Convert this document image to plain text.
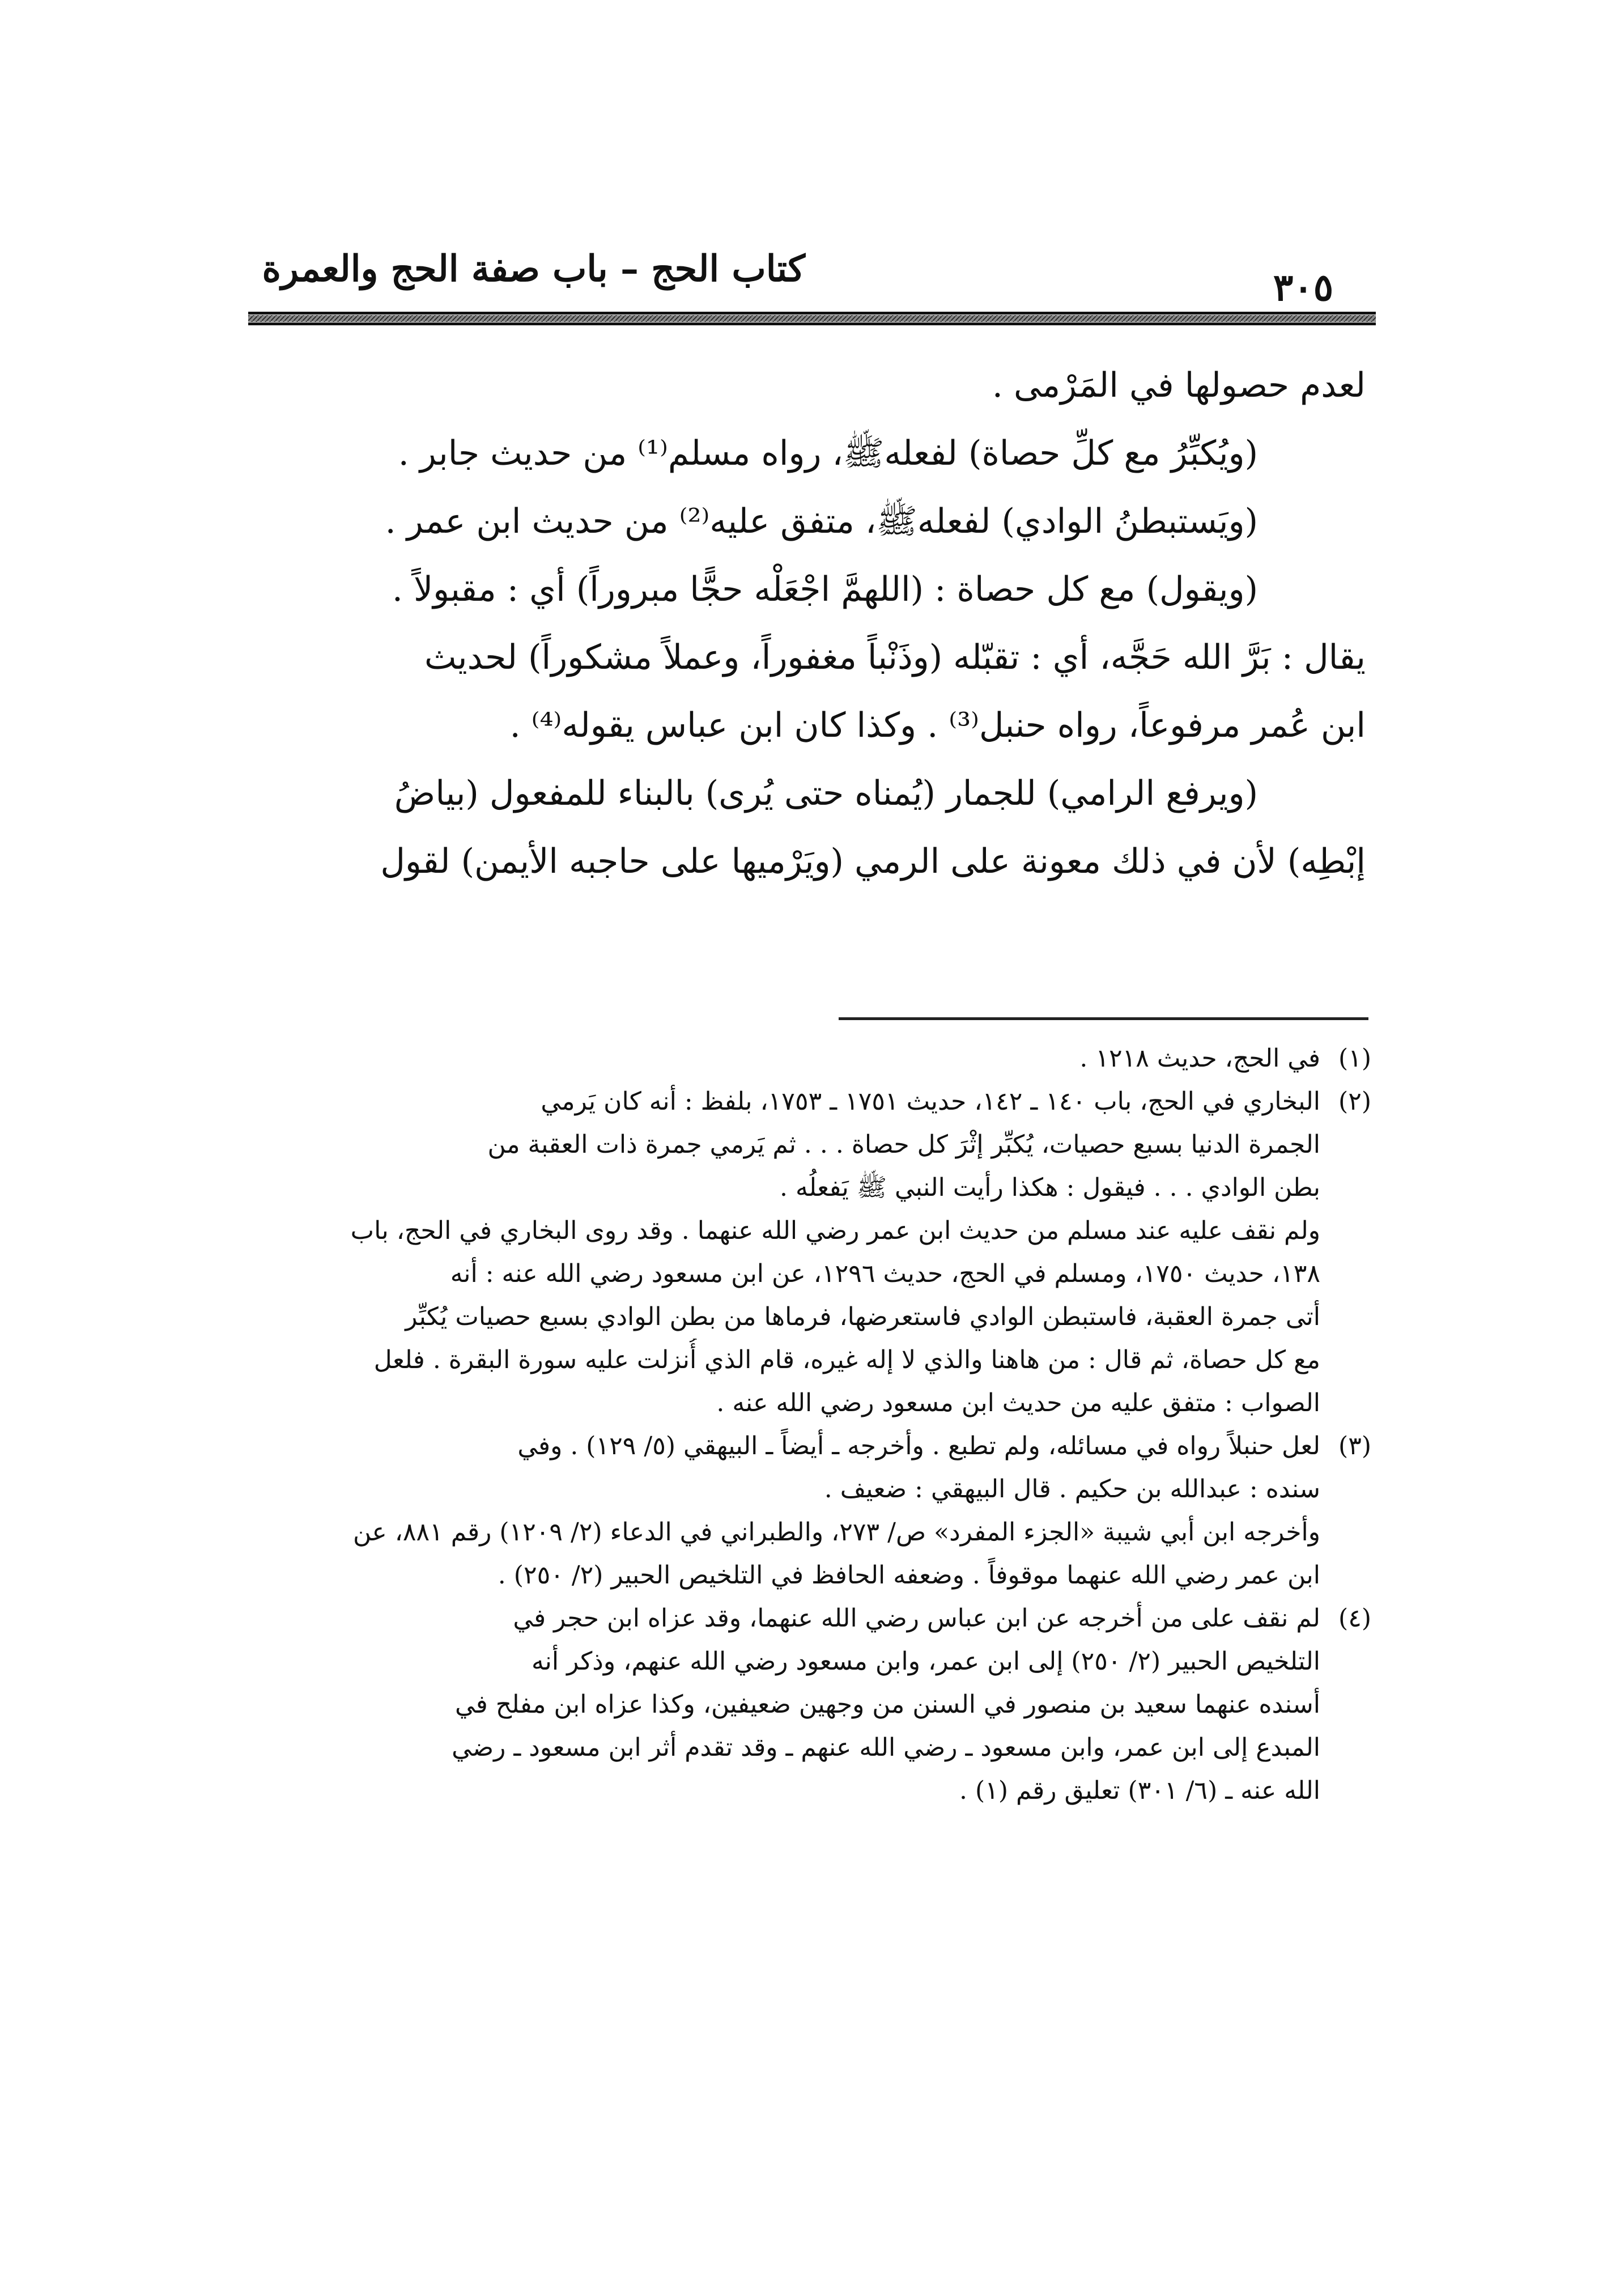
كتاب الحج – باب صفة الحج والعمرة	٣٠٥
لعدم حصولها في المَرْمى .
(ويُكبِّرُ مع كلِّ حصاة) لفعلهﷺ، رواه مسلم⁽¹⁾ من حديث جابر .
(ويَستبطنُ الوادي) لفعلهﷺ، متفق عليه⁽²⁾ من حديث ابن عمر .
(ويقول) مع كل حصاة : (اللهمَّ اجْعَلْه حجًّا مبروراً) أي : مقبولاً .
يقال : بَرَّ الله حَجَّه، أي : تقبّله (وذَنْباً مغفوراً، وعملاً مشكوراً) لحديث
ابن عُمر مرفوعاً، رواه حنبل⁽³⁾ . وكذا كان ابن عباس يقوله⁽⁴⁾ .
(ويرفع الرامي) للجمار (يُمناه حتى يُرى) بالبناء للمفعول (بياضُ
إبْطِه) لأن في ذلك معونة على الرمي (ويَرْميها على حاجبه الأيمن) لقول
(١)في الحج، حديث ١٢١٨ .
(٢)البخاري في الحج، باب ١٤٠ ـ ١٤٢، حديث ١٧٥١ ـ ١٧٥٣، بلفظ : أنه كان يَرمي
الجمرة الدنيا بسبع حصيات، يُكبِّر إثْرَ كل حصاة . . . ثم يَرمي جمرة ذات العقبة من
بطن الوادي . . . فيقول : هكذا رأيت النبي ﷺ يَفعلُه .
ولم نقف عليه عند مسلم من حديث ابن عمر رضي الله عنهما . وقد روى البخاري في الحج، باب
١٣٨، حديث ١٧٥٠، ومسلم في الحج، حديث ١٢٩٦، عن ابن مسعود رضي الله عنه : أنه
أتى جمرة العقبة، فاستبطن الوادي فاستعرضها، فرماها من بطن الوادي بسبع حصيات يُكبِّر
مع كل حصاة، ثم قال : من هاهنا والذي لا إله غيره، قام الذي أُنزلت عليه سورة البقرة . فلعل
الصواب : متفق عليه من حديث ابن مسعود رضي الله عنه .
(٣)لعل حنبلاً رواه في مسائله، ولم تطبع . وأخرجه ـ أيضاً ـ البيهقي (٥/ ١٢٩) . وفي
سنده : عبدالله بن حكيم . قال البيهقي : ضعيف .
وأخرجه ابن أبي شيبة «الجزء المفرد» ص/ ٢٧٣، والطبراني في الدعاء (٢/ ١٢٠٩) رقم ٨٨١، عن
ابن عمر رضي الله عنهما موقوفاً . وضعفه الحافظ في التلخيص الحبير (٢/ ٢٥٠) .
(٤)لم نقف على من أخرجه عن ابن عباس رضي الله عنهما، وقد عزاه ابن حجر في
التلخيص الحبير (٢/ ٢٥٠) إلى ابن عمر، وابن مسعود رضي الله عنهم، وذكر أنه
أسنده عنهما سعيد بن منصور في السنن من وجهين ضعيفين، وكذا عزاه ابن مفلح في
المبدع إلى ابن عمر، وابن مسعود ـ رضي الله عنهم ـ وقد تقدم أثر ابن مسعود ـ رضي
الله عنه ـ (٦/ ٣٠١) تعليق رقم (١) .
